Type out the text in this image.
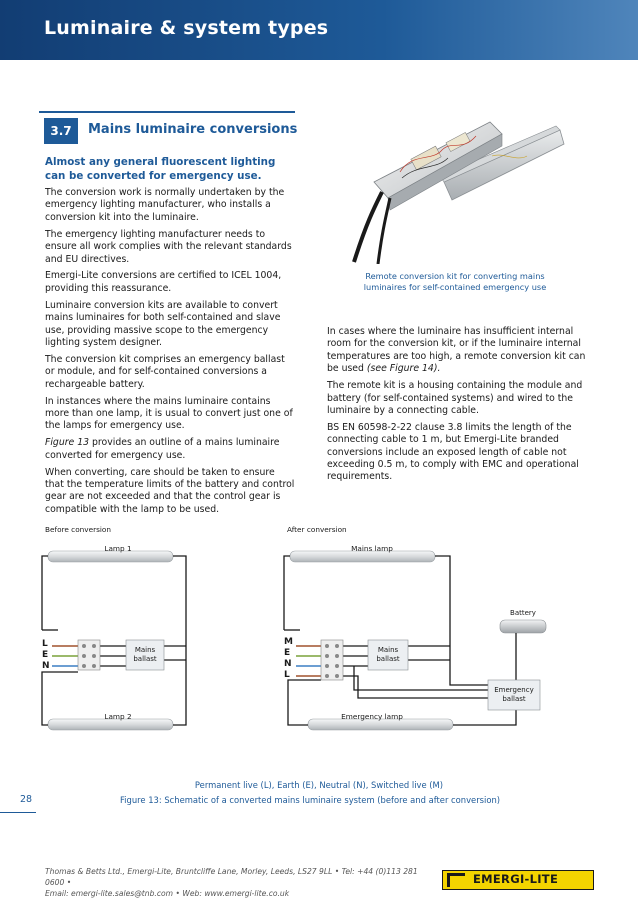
Luminaire & system types
3.7	Mains luminaire conversions

Almost any general fluorescent lighting can be converted for emergency use.

The conversion work is normally undertaken by the emergency lighting manufacturer, who installs a conversion kit into the luminaire.

The emergency lighting manufacturer needs to ensure all work complies with the relevant standards and EU directives.

Emergi-Lite conversions are certified to ICEL 1004, providing this reassurance.

Luminaire conversion kits are available to convert mains luminaires for both self-contained and slave use, providing massive scope to the emergency lighting system designer.

The conversion kit comprises an emergency ballast or module, and for self-contained conversions a rechargeable battery.

In instances where the mains luminaire contains more than one lamp, it is usual to convert just one of the lamps for emergency use.

Figure 13 provides an outline of a mains luminaire converted for emergency use.

When converting, care should be taken to ensure that the temperature limits of the battery and control gear are not exceeded and that the control gear is compatible with the lamp to be used.

Remote conversion kit for converting mains luminaires for self-contained emergency use

In cases where the luminaire has insufficient internal room for the conversion kit, or if the luminaire internal temperatures are too high, a remote conversion kit can be used (see Figure 14).

The remote kit is a housing containing the module and battery (for self-contained systems) and wired to the luminaire by a connecting cable.

BS EN 60598-2-22 clause 3.8 limits the length of the connecting cable to 1 m, but Emergi-Lite branded conversions include an exposed length of cable not exceeding 0.5 m, to comply with EMC and operational requirements.

Before conversion	After conversion
Lamp 1
Lamp 2
L
E
N
Mains
ballast
Mains lamp
Emergency lamp
Battery
M
E
N
L
Mains
ballast
Emergency
ballast
Permanent live (L), Earth (E), Neutral (N), Switched live (M)
28	Figure 13: Schematic of a converted mains luminaire system (before and after conversion)
Thomas & Betts Ltd., Emergi-Lite, Bruntcliffe Lane, Morley, Leeds, LS27 9LL • Tel: +44 (0)113 281 0600 •
Email: emergi-lite.sales@tnb.com • Web: www.emergi-lite.co.uk
EMERGI-LITE
